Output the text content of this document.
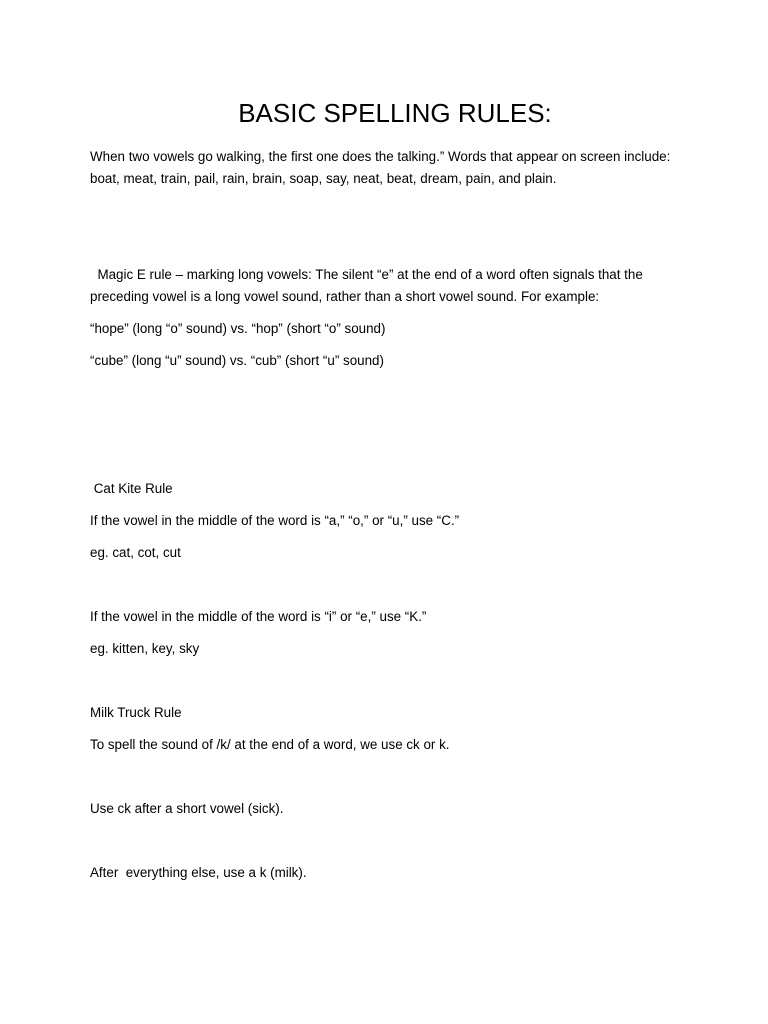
BASIC SPELLING RULES:
When two vowels go walking, the first one does the talking.” Words that appear on screen include: boat, meat, train, pail, rain, brain, soap, say, neat, beat, dream, pain, and plain.
Magic E rule – marking long vowels: The silent “e” at the end of a word often signals that the preceding vowel is a long vowel sound, rather than a short vowel sound. For example:
“hope” (long “o” sound) vs. “hop” (short “o” sound)
“cube” (long “u” sound) vs. “cub” (short “u” sound)
Cat Kite Rule
If the vowel in the middle of the word is “a,” “o,” or “u,” use “C.”
eg. cat, cot, cut
If the vowel in the middle of the word is “i” or “e,” use “K.”
eg. kitten, key, sky
Milk Truck Rule
To spell the sound of /k/ at the end of a word, we use ck or k.
Use ck after a short vowel (sick).
After  everything else, use a k (milk).
